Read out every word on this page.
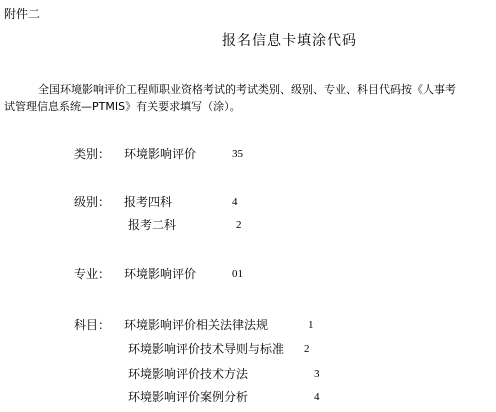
附件二
报名信息卡填涂代码
全国环境影响评价工程师职业资格考试的考试类别、级别、专业、科目代码按《人事考
试管理信息系统—PTMIS》有关要求填写（涂）。
类别： 环境影响评价	35
级别： 报考四科	4
报考二科	2
专业： 环境影响评价	01
科目： 环境影响评价相关法律法规	1
环境影响评价技术导则与标准 2
环境影响评价技术方法	3
环境影响评价案例分析	4
